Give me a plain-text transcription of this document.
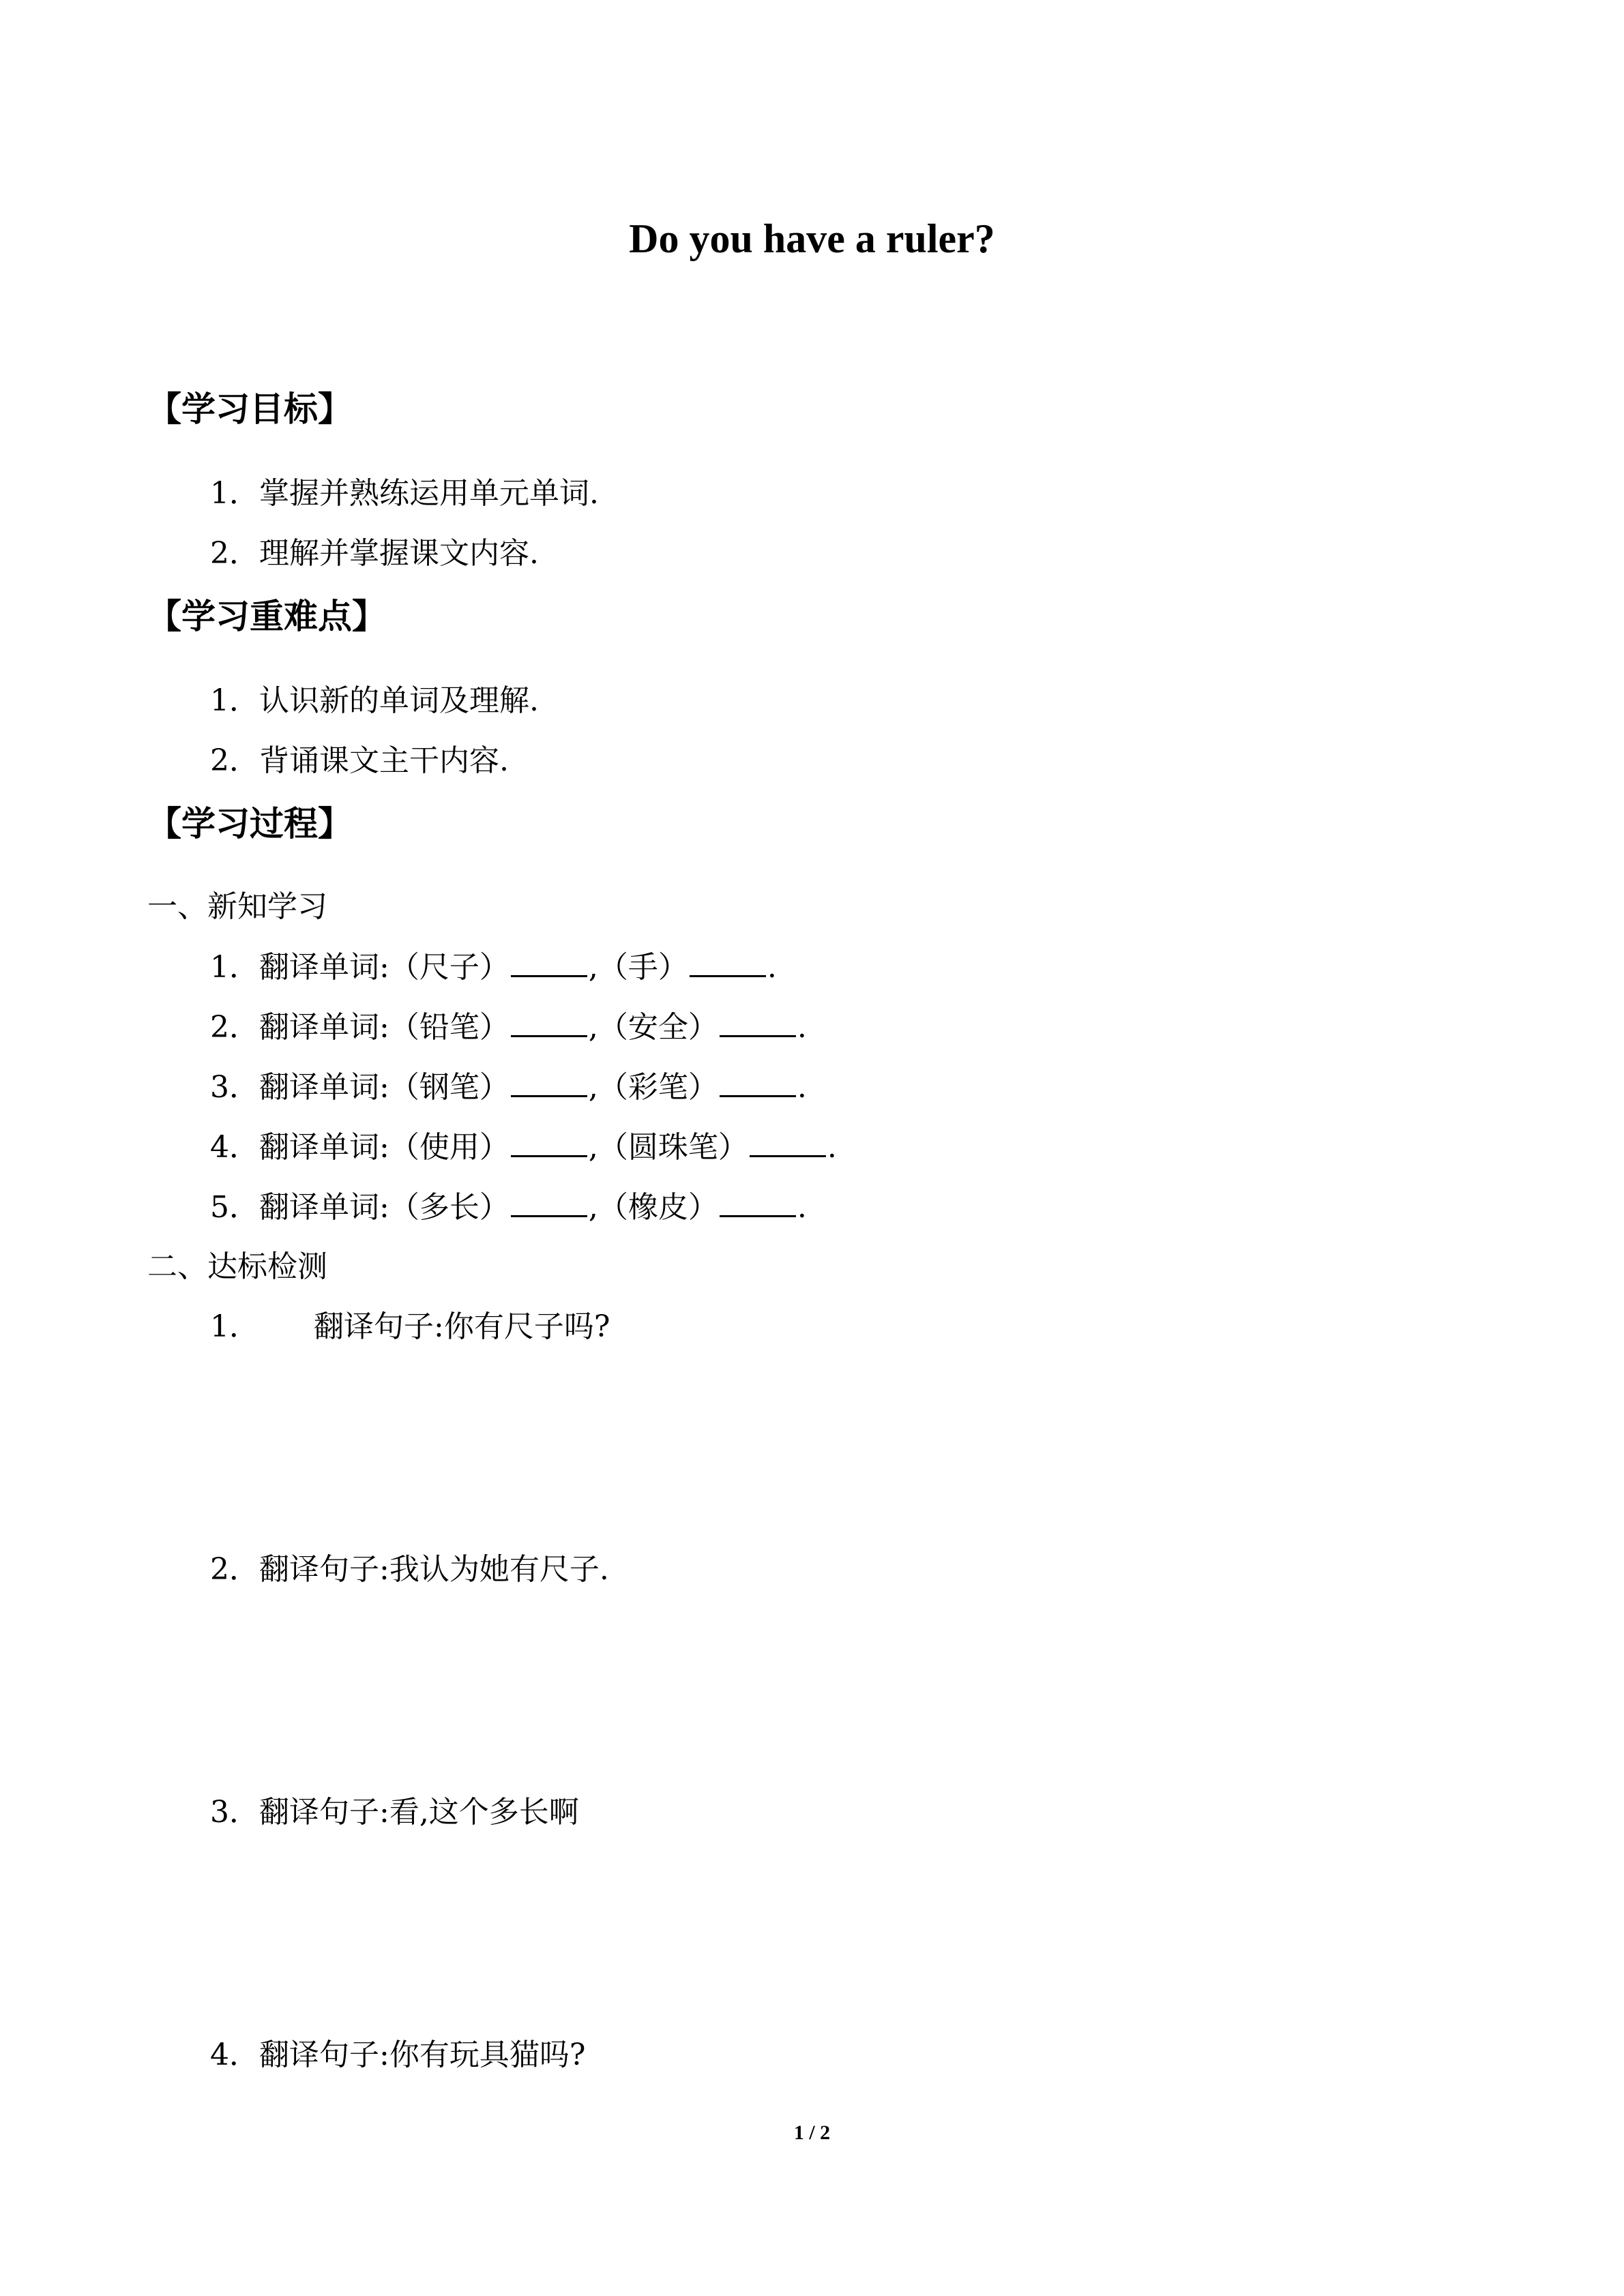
Do you have a ruler?
【学习目标】
1．掌握并熟练运用单元单词.
2．理解并掌握课文内容.
【学习重难点】
1．认识新的单词及理解.
2．背诵课文主干内容.
【学习过程】
一、新知学习
1．翻译单词:（尺子）	,（手）	.
2．翻译单词:（铅笔）	,（安全）	.
3．翻译单词:（钢笔）	,（彩笔）	.
4．翻译单词:（使用）	,（圆珠笔）	.
5．翻译单词:（多长）	,（橡皮）	.
二、达标检测
1． 翻译句子:你有尺子吗?
2．翻译句子:我认为她有尺子.
3．翻译句子:看,这个多长啊
4．翻译句子:你有玩具猫吗?
1 / 2
